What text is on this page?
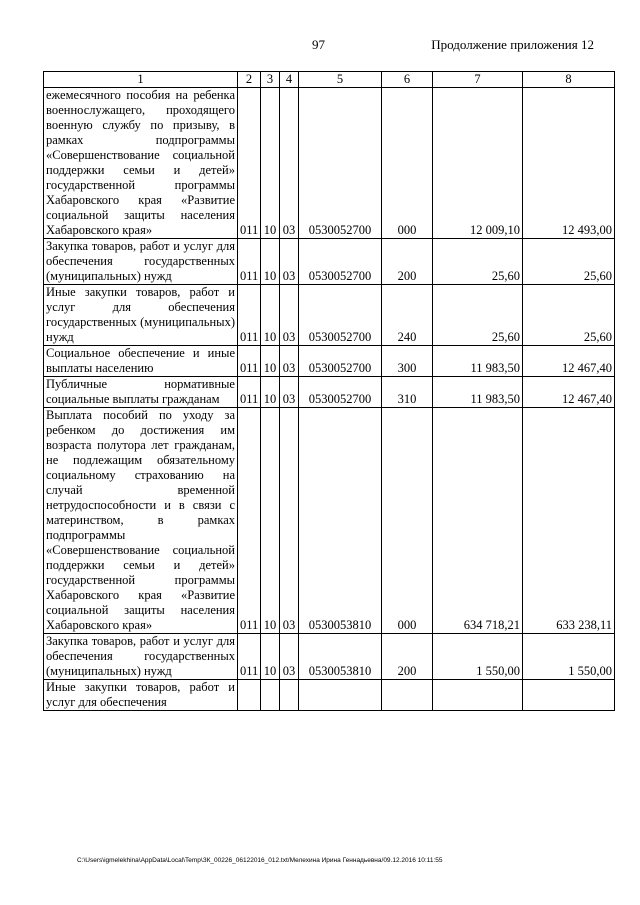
97	Продолжение приложения 12
1	2	3	4	5	6	7	8
ежемесячного пособия на ребенка военнослужащего, проходящего военную службу по призыву, в рамках подпрограммы «Совершенствование социальной поддержки семьи и детей» государственной программы Хабаровского края «Развитие социальной защиты населения Хабаровского края»	011	10	03	0530052700	000	12 009,10	12 493,00
Закупка товаров, работ и услуг для обеспечения государственных (муниципальных) нужд	011	10	03	0530052700	200	25,60	25,60
Иные закупки товаров, работ и услуг для обеспечения государственных (муниципальных) нужд	011	10	03	0530052700	240	25,60	25,60
Социальное обеспечение и иные выплаты населению	011	10	03	0530052700	300	11 983,50	12 467,40
Публичные нормативные социальные выплаты гражданам	011	10	03	0530052700	310	11 983,50	12 467,40
Выплата пособий по уходу за ребенком до достижения им возраста полутора лет гражданам, не подлежащим обязательному социальному страхованию на случай временной нетрудоспособности и в связи с материнством, в рамках подпрограммы «Совершенствование социальной поддержки семьи и детей» государственной программы Хабаровского края «Развитие социальной защиты населения Хабаровского края»	011	10	03	0530053810	000	634 718,21	633 238,11
Закупка товаров, работ и услуг для обеспечения государственных (муниципальных) нужд	011	10	03	0530053810	200	1 550,00	1 550,00
Иные закупки товаров, работ и услуг для обеспечения							
C:\Users\igmelekhina\AppData\Local\Temp\ЗК_00226_06122016_012.txt/Мелехина Ирина Геннадьевна/09.12.2016 10:11:55
